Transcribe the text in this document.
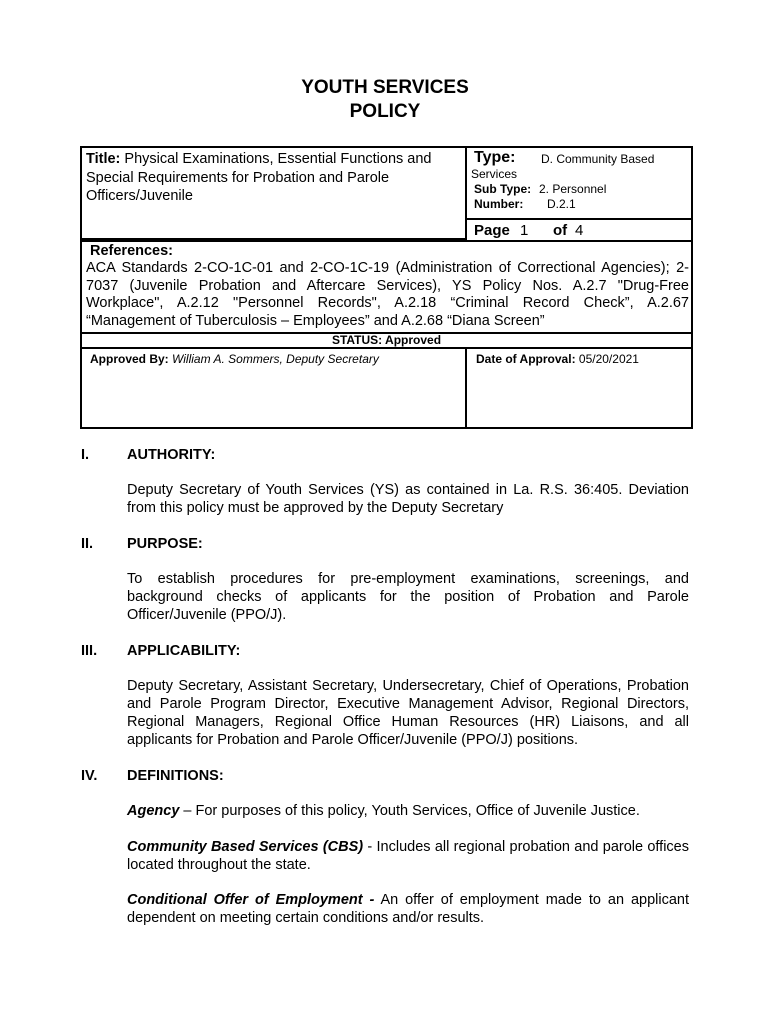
YOUTH SERVICES
POLICY
Title: Physical Examinations, Essential Functions and Special Requirements for Probation and Parole Officers/Juvenile
Type: D. Community Based
Services
Sub Type: 2. Personnel
Number: D.2.1
Page 1 of 4
References:
ACA Standards 2-CO-1C-01 and 2-CO-1C-19 (Administration of Correctional Agencies); 2-
7037 (Juvenile Probation and Aftercare Services), YS Policy Nos. A.2.7 "Drug-Free
Workplace", A.2.12 "Personnel Records", A.2.18 “Criminal Record Check”, A.2.67
“Management of Tuberculosis – Employees” and A.2.68 “Diana Screen”
STATUS: Approved
Approved By: William A. Sommers, Deputy Secretary	Date of Approval: 05/20/2021
I.	AUTHORITY:
Deputy Secretary of Youth Services (YS) as contained in La. R.S. 36:405. Deviation from this policy must be approved by the Deputy Secretary
II. PURPOSE:
To establish procedures for pre-employment examinations, screenings, and background checks of applicants for the position of Probation and Parole Officer/Juvenile (PPO/J).
III. APPLICABILITY:
Deputy Secretary, Assistant Secretary, Undersecretary, Chief of Operations, Probation and Parole Program Director, Executive Management Advisor, Regional Directors, Regional Managers, Regional Office Human Resources (HR) Liaisons, and all applicants for Probation and Parole Officer/Juvenile (PPO/J) positions.
IV. DEFINITIONS:
Agency – For purposes of this policy, Youth Services, Office of Juvenile Justice.
Community Based Services (CBS) - Includes all regional probation and parole offices located throughout the state.
Conditional Offer of Employment - An offer of employment made to an applicant dependent on meeting certain conditions and/or results.
